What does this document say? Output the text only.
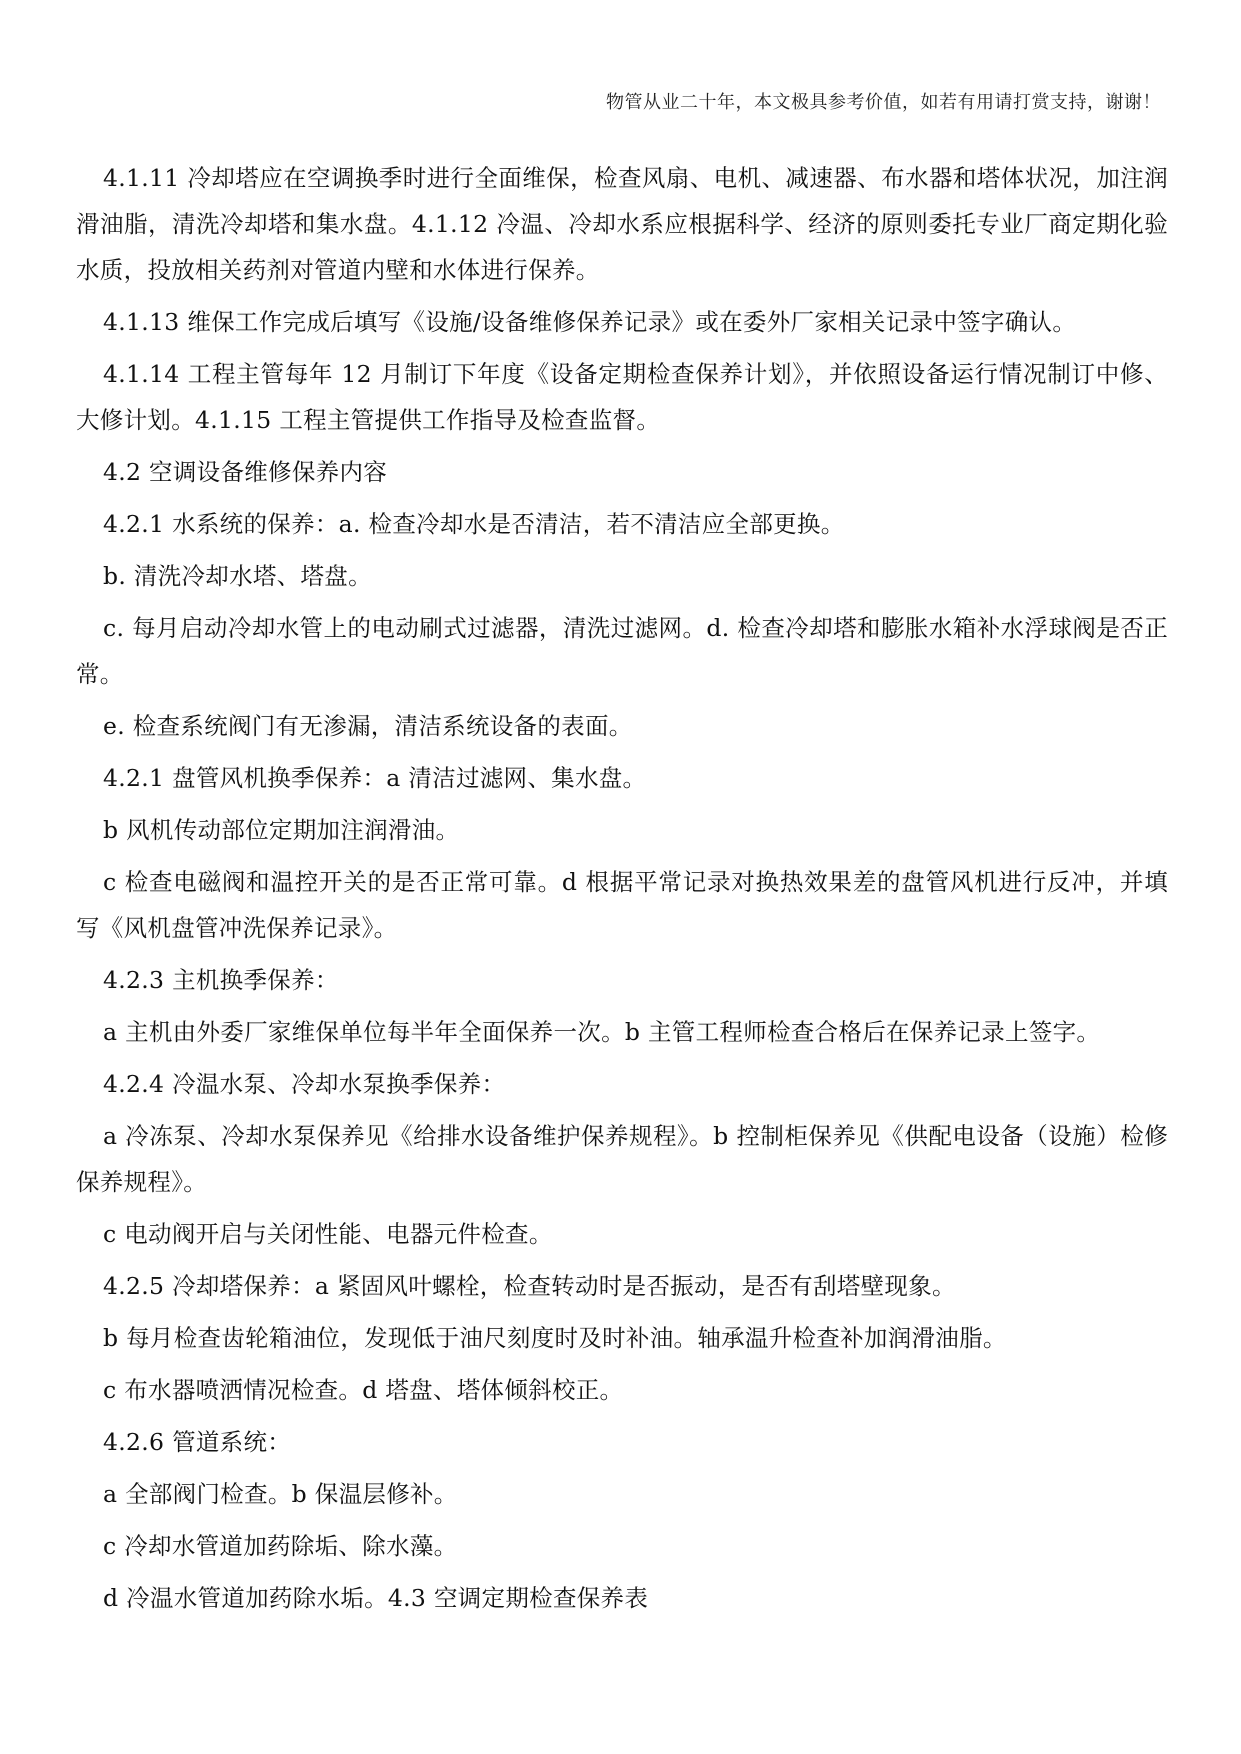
物管从业二十年，本文极具参考价值，如若有用请打赏支持，谢谢！

4.1.11 冷却塔应在空调换季时进行全面维保，检查风扇、电机、减速器、布水器和塔体状况，加注润滑油脂，清洗冷却塔和集水盘。4.1.12 冷温、冷却水系应根据科学、经济的原则委托专业厂商定期化验水质，投放相关药剂对管道内壁和水体进行保养。

4.1.13 维保工作完成后填写《设施/设备维修保养记录》或在委外厂家相关记录中签字确认。

4.1.14 工程主管每年 12 月制订下年度《设备定期检查保养计划》，并依照设备运行情况制订中修、大修计划。4.1.15 工程主管提供工作指导及检查监督。

4.2 空调设备维修保养内容

4.2.1 水系统的保养：a. 检查冷却水是否清洁，若不清洁应全部更换。

b. 清洗冷却水塔、塔盘。

c. 每月启动冷却水管上的电动刷式过滤器，清洗过滤网。d. 检查冷却塔和膨胀水箱补水浮球阀是否正常。

e. 检查系统阀门有无渗漏，清洁系统设备的表面。

4.2.1 盘管风机换季保养：a 清洁过滤网、集水盘。

b 风机传动部位定期加注润滑油。

c 检查电磁阀和温控开关的是否正常可靠。d 根据平常记录对换热效果差的盘管风机进行反冲，并填写《风机盘管冲洗保养记录》。

4.2.3 主机换季保养：

a 主机由外委厂家维保单位每半年全面保养一次。b 主管工程师检查合格后在保养记录上签字。

4.2.4 冷温水泵、冷却水泵换季保养：

a 冷冻泵、冷却水泵保养见《给排水设备维护保养规程》。b 控制柜保养见《供配电设备（设施）检修保养规程》。

c 电动阀开启与关闭性能、电器元件检查。

4.2.5 冷却塔保养：a 紧固风叶螺栓，检查转动时是否振动，是否有刮塔壁现象。

b 每月检查齿轮箱油位，发现低于油尺刻度时及时补油。轴承温升检查补加润滑油脂。

c 布水器喷洒情况检查。d 塔盘、塔体倾斜校正。

4.2.6 管道系统：

a 全部阀门检查。b 保温层修补。

c 冷却水管道加药除垢、除水藻。

d 冷温水管道加药除水垢。4.3 空调定期检查保养表
